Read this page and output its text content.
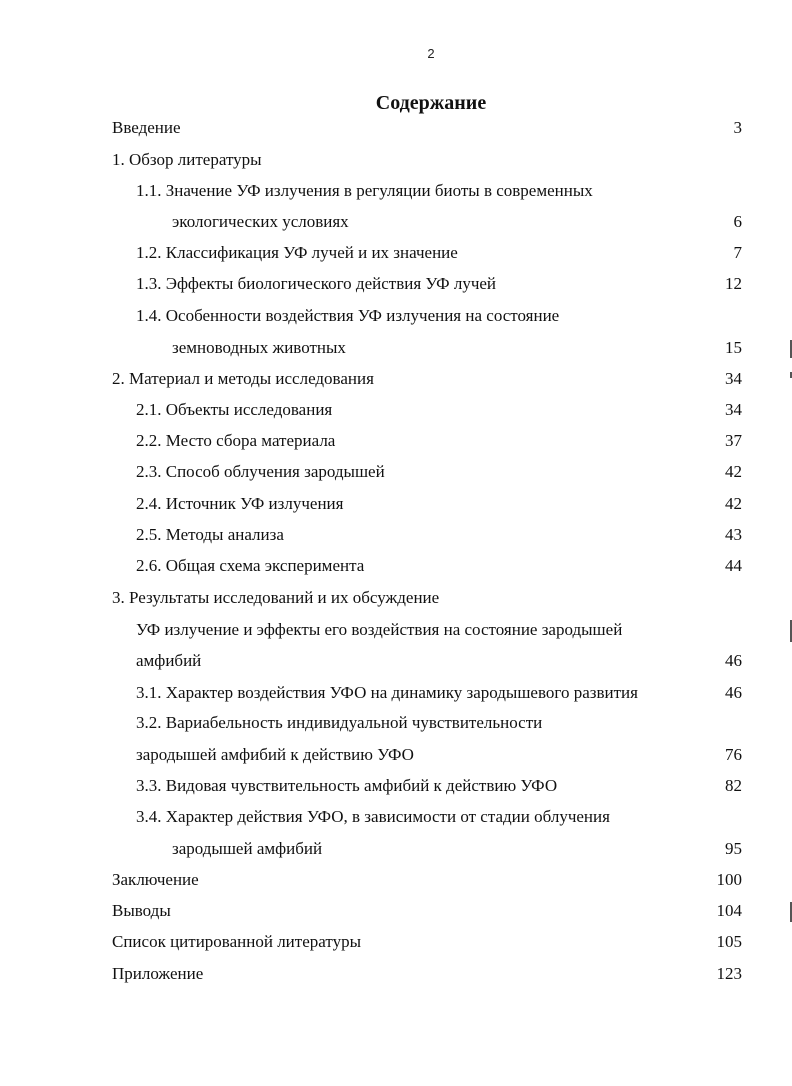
2
Содержание
Введение	3
1. Обзор литературы
1.1. Значение УФ излучения в регуляции биоты в современных
экологических условиях	6
1.2. Классификация УФ лучей и их значение	7
1.3. Эффекты биологического действия УФ лучей	12
1.4. Особенности воздействия УФ излучения на состояние
земноводных животных	15
2. Материал и методы исследования	34
2.1. Объекты исследования	34
2.2. Место сбора материала	37
2.3. Способ облучения зародышей	42
2.4. Источник УФ излучения	42
2.5. Методы анализа	43
2.6. Общая схема эксперимента	44
3. Результаты исследований и их обсуждение
УФ излучение и эффекты его воздействия на состояние зародышей
амфибий	46
3.1. Характер воздействия УФО на динамику зародышевого развития	46
3.2. Вариабельность индивидуальной чувствительности
зародышей амфибий к действию УФО	76
3.3. Видовая чувствительность амфибий к действию УФО	82
3.4. Характер действия УФО, в зависимости от стадии облучения
зародышей амфибий	95
Заключение	100
Выводы	104
Список цитированной литературы	105
Приложение	123
